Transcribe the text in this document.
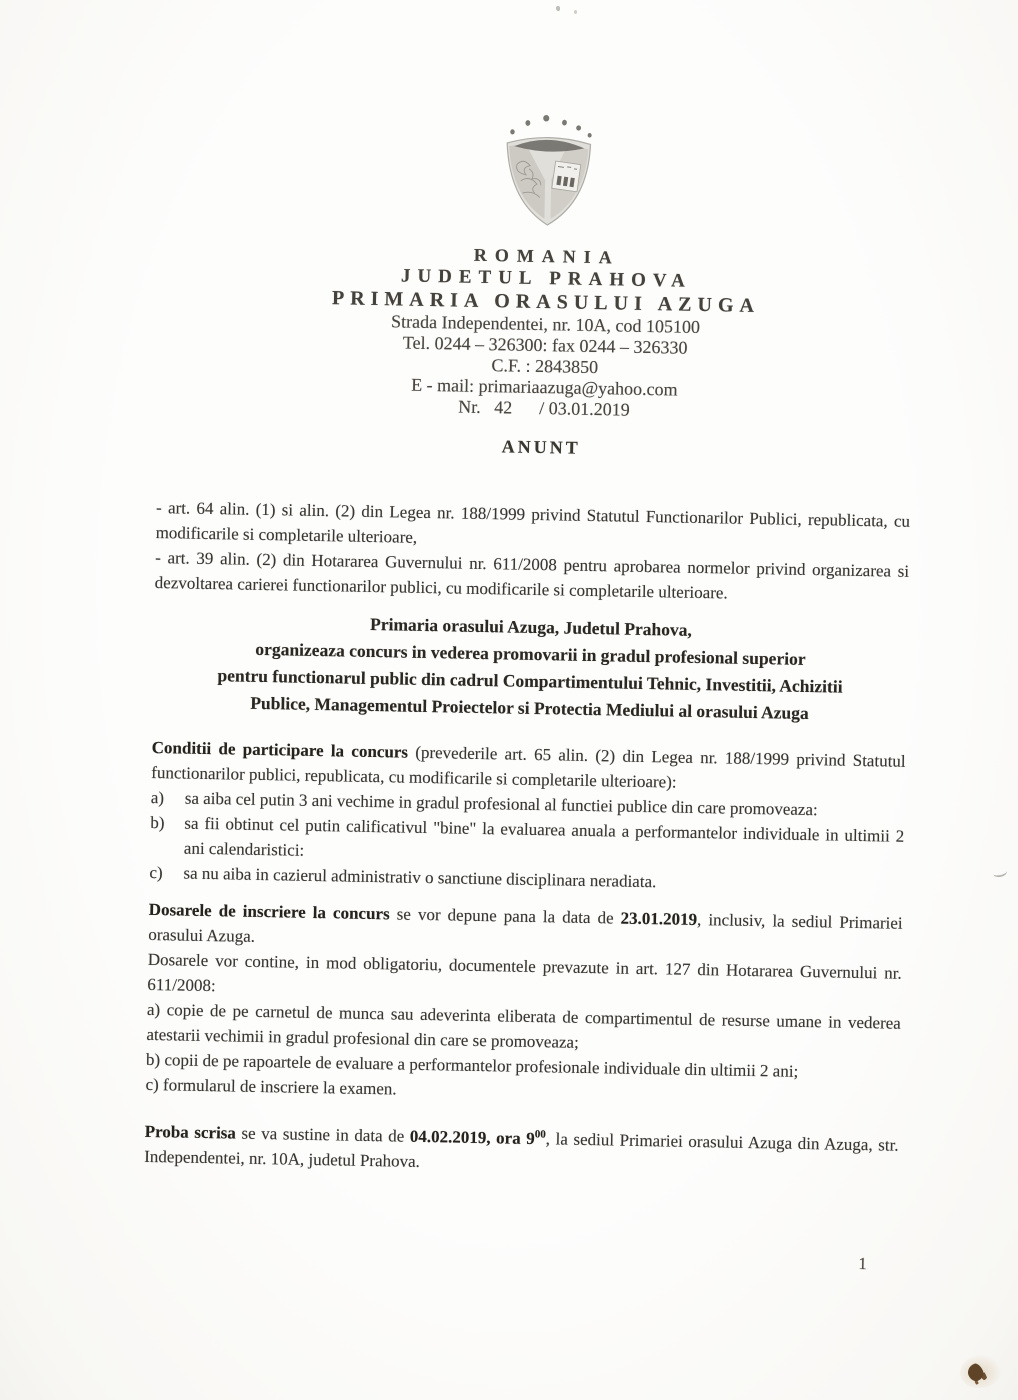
ROMANIA
JUDETUL PRAHOVA
PRIMARIA ORASULUI AZUGA
Strada Independentei, nr. 10A, cod 105100
Tel. 0244 – 326300: fax 0244 – 326330
C.F. : 2843850
E - mail: primariaazuga@yahoo.com
Nr.   42      / 03.01.2019
ANUNT

- art. 64 alin. (1) si alin. (2) din Legea nr. 188/1999 privind Statutul Functionarilor Publici, republicata, cu modificarile si completarile ulterioare,

- art. 39 alin. (2) din Hotararea Guvernului nr. 611/2008 pentru aprobarea normelor privind organizarea si dezvoltarea carierei functionarilor publici, cu modificarile si completarile ulterioare.

Primaria orasului Azuga, Judetul Prahova,
organizeaza concurs in vederea promovarii in gradul profesional superior
pentru functionarul public din cadrul Compartimentului Tehnic, Investitii, Achizitii
Publice, Managementul Proiectelor si Protectia Mediului al orasului Azuga

Conditii de participare la concurs (prevederile art. 65 alin. (2) din Legea nr. 188/1999 privind Statutul functionarilor publici, republicata, cu modificarile si completarile ulterioare):

a)	sa aiba cel putin 3 ani vechime in gradul profesional al functiei publice din care promoveaza:
b)	sa fii obtinut cel putin calificativul "bine" la evaluarea anuala a performantelor individuale in ultimii 2 ani calendaristici:
c)	sa nu aiba in cazierul administrativ o sanctiune disciplinara neradiata.

Dosarele de inscriere la concurs se vor depune pana la data de 23.01.2019, inclusiv, la sediul Primariei orasului Azuga.

Dosarele vor contine, in mod obligatoriu, documentele prevazute in art. 127 din Hotararea Guvernului nr. 611/2008:

a) copie de pe carnetul de munca sau adeverinta eliberata de compartimentul de resurse umane in vederea atestarii vechimii in gradul profesional din care se promoveaza;

b) copii de pe rapoartele de evaluare a performantelor profesionale individuale din ultimii 2 ani;

c) formularul de inscriere la examen.

Proba scrisa se va sustine in data de 04.02.2019, ora $9^{00}$, la sediul Primariei orasului Azuga din Azuga, str. Independentei, nr. 10A, judetul Prahova.

1
